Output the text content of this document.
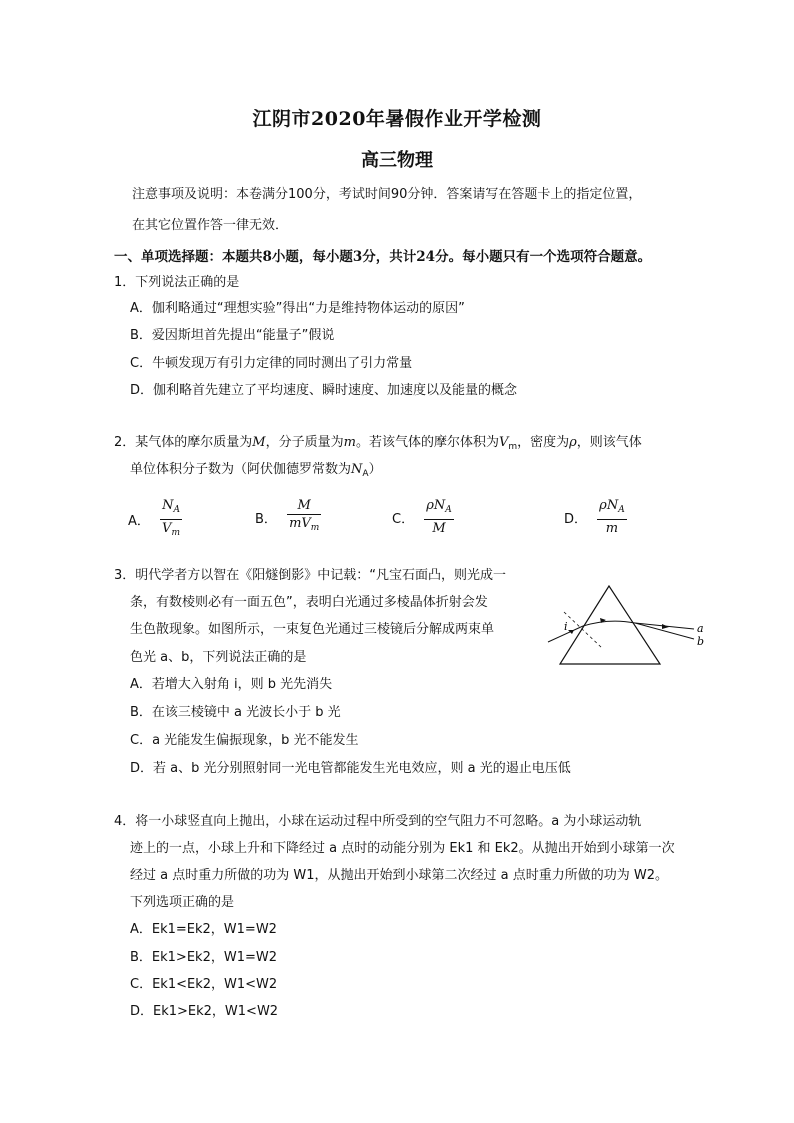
江阴市2020年暑假作业开学检测
高三物理
注意事项及说明：本卷满分100分，考试时间90分钟．答案请写在答题卡上的指定位置，
在其它位置作答一律无效．
一、单项选择题：本题共8小题，每小题3分，共计24分。每小题只有一个选项符合题意。
1．下列说法正确的是
A．伽利略通过“理想实验”得出“力是维持物体运动的原因”
B．爱因斯坦首先提出“能量子”假说
C．牛顿发现万有引力定律的同时测出了引力常量
D．伽利略首先建立了平均速度、瞬时速度、加速度以及能量的概念
2．某气体的摩尔质量为M，分子质量为m。若该气体的摩尔体积为$V_m$，密度为ρ，则该气体
单位体积分子数为（阿伏伽德罗常数为$N_A$）
A． $\frac{N_A}{V_m}$	B． $\frac{M}{mV_m}$	C． $\frac{\rho N_A}{M}$	D． $\frac{\rho N_A}{m}$
3．明代学者方以智在《阳燧倒影》中记载：“凡宝石面凸，则光成一
条，有数棱则必有一面五色”，表明白光通过多棱晶体折射会发
生色散现象。如图所示，一束复色光通过三棱镜后分解成两束单
色光 a、b，下列说法正确的是
A．若增大入射角 i，则 b 光先消失
B．在该三棱镜中 a 光波长小于 b 光
C．a 光能发生偏振现象，b 光不能发生
D．若 a、b 光分别照射同一光电管都能发生光电效应，则 a 光的遏止电压低
i	a
b
4．将一小球竖直向上抛出，小球在运动过程中所受到的空气阻力不可忽略。a 为小球运动轨
迹上的一点，小球上升和下降经过 a 点时的动能分别为 Ek1 和 Ek2。从抛出开始到小球第一次
经过 a 点时重力所做的功为 W1，从抛出开始到小球第二次经过 a 点时重力所做的功为 W2。
下列选项正确的是
A．Ek1=Ek2，W1=W2
B．Ek1>Ek2，W1=W2
C．Ek1<Ek2，W1<W2
D．Ek1>Ek2，W1<W2
